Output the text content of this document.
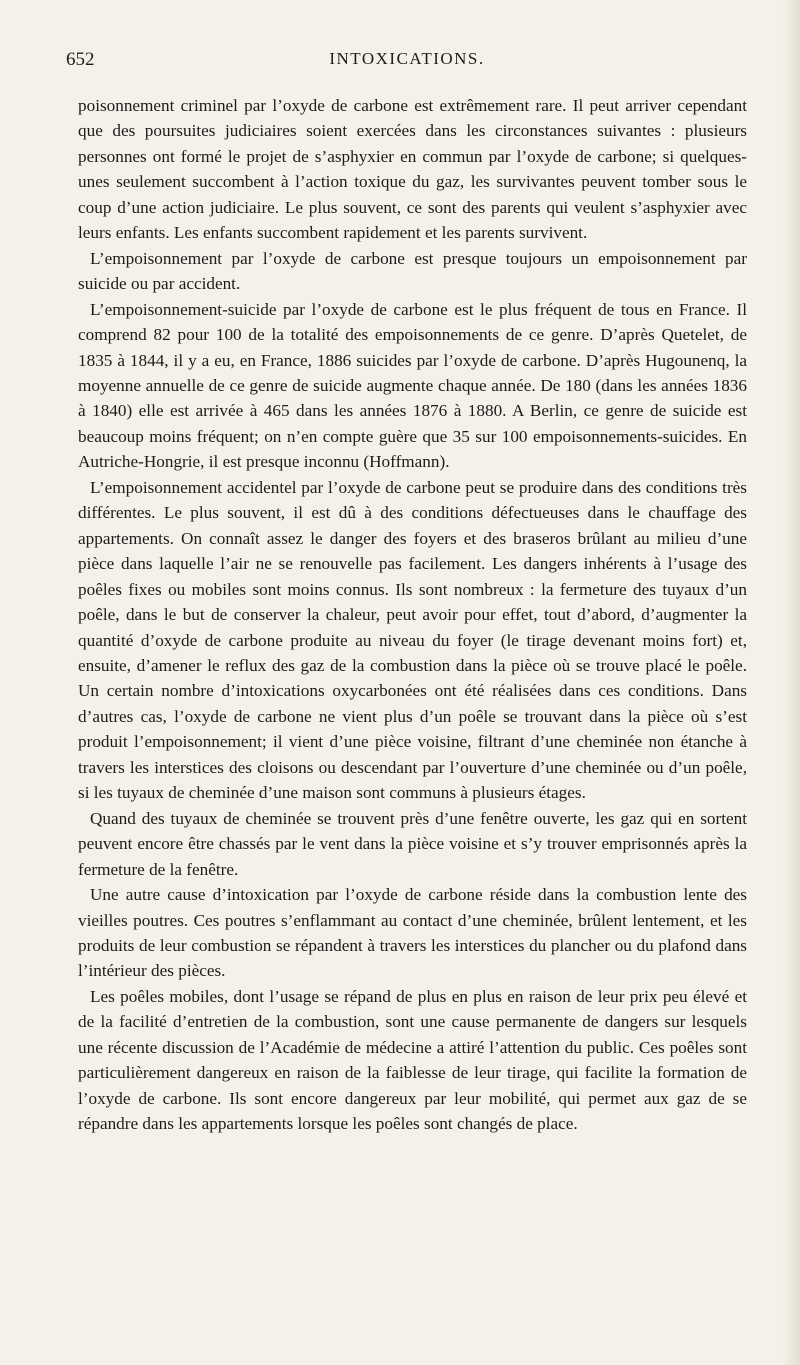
652	INTOXICATIONS.

poisonnement criminel par l’oxyde de carbone est extrêmement rare. Il peut arriver cependant que des poursuites judiciaires soient exercées dans les circonstances suivantes : plusieurs personnes ont formé le projet de s’asphyxier en commun par l’oxyde de carbone; si quelques-unes seulement succombent à l’action toxique du gaz, les survivantes peuvent tomber sous le coup d’une action judiciaire. Le plus souvent, ce sont des parents qui veulent s’asphyxier avec leurs enfants. Les enfants succombent rapidement et les parents survivent.

L’empoisonnement par l’oxyde de carbone est presque toujours un empoisonnement par suicide ou par accident.

L’empoisonnement-suicide par l’oxyde de carbone est le plus fréquent de tous en France. Il comprend 82 pour 100 de la totalité des empoisonnements de ce genre. D’après Quetelet, de 1835 à 1844, il y a eu, en France, 1886 suicides par l’oxyde de carbone. D’après Hugounenq, la moyenne annuelle de ce genre de suicide augmente chaque année. De 180 (dans les années 1836 à 1840) elle est arrivée à 465 dans les années 1876 à 1880. A Berlin, ce genre de suicide est beaucoup moins fréquent; on n’en compte guère que 35 sur 100 empoisonnements-suicides. En Autriche-Hongrie, il est presque inconnu (Hoffmann).

L’empoisonnement accidentel par l’oxyde de carbone peut se produire dans des conditions très différentes. Le plus souvent, il est dû à des conditions défectueuses dans le chauffage des appartements. On connaît assez le danger des foyers et des braseros brûlant au milieu d’une pièce dans laquelle l’air ne se renouvelle pas facilement. Les dangers inhérents à l’usage des poêles fixes ou mobiles sont moins connus. Ils sont nombreux : la fermeture des tuyaux d’un poêle, dans le but de conserver la chaleur, peut avoir pour effet, tout d’abord, d’augmenter la quantité d’oxyde de carbone produite au niveau du foyer (le tirage devenant moins fort) et, ensuite, d’amener le reflux des gaz de la combustion dans la pièce où se trouve placé le poêle. Un certain nombre d’intoxications oxycarbonées ont été réalisées dans ces conditions. Dans d’autres cas, l’oxyde de carbone ne vient plus d’un poêle se trouvant dans la pièce où s’est produit l’empoisonnement; il vient d’une pièce voisine, filtrant d’une cheminée non étanche à travers les interstices des cloisons ou descendant par l’ouverture d’une cheminée ou d’un poêle, si les tuyaux de cheminée d’une maison sont communs à plusieurs étages.

Quand des tuyaux de cheminée se trouvent près d’une fenêtre ouverte, les gaz qui en sortent peuvent encore être chassés par le vent dans la pièce voisine et s’y trouver emprisonnés après la fermeture de la fenêtre.

Une autre cause d’intoxication par l’oxyde de carbone réside dans la combustion lente des vieilles poutres. Ces poutres s’enflammant au contact d’une cheminée, brûlent lentement, et les produits de leur combustion se répandent à travers les interstices du plancher ou du plafond dans l’intérieur des pièces.

Les poêles mobiles, dont l’usage se répand de plus en plus en raison de leur prix peu élevé et de la facilité d’entretien de la combustion, sont une cause permanente de dangers sur lesquels une récente discussion de l’Académie de médecine a attiré l’attention du public. Ces poêles sont particulièrement dangereux en raison de la faiblesse de leur tirage, qui facilite la formation de l’oxyde de carbone. Ils sont encore dangereux par leur mobilité, qui permet aux gaz de se répandre dans les appartements lorsque les poêles sont changés de place.
